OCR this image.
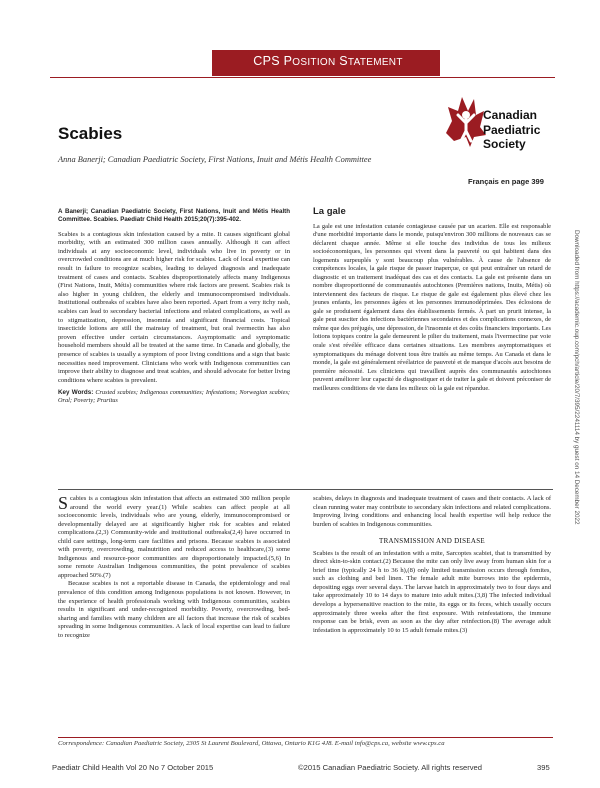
CPS POSITION STATEMENT
Canadian
Paediatric
Society
Français en page 399
Scabies
Anna Banerji; Canadian Paediatric Society, First Nations, Inuit and Métis Health Committee
A Banerji; Canadian Paediatric Society, First Nations, Inuit and Métis Health Committee. Scabies. Paediatr Child Health 2015;20(7):395-402.

Scabies is a contagious skin infestation caused by a mite. It causes significant global morbidity, with an estimated 300 million cases annually. Although it can affect individuals at any socioeconomic level, individuals who live in poverty or in overcrowded conditions are at much higher risk for scabies. Lack of local expertise can result in failure to recognize scabies, leading to delayed diagnosis and inadequate treatment of cases and contacts. Scabies disproportionately affects many Indigenous (First Nations, Inuit, Métis) communities where risk factors are present. Scabies risk is also higher in young children, the elderly and immunocompromised individuals. Institutional outbreaks of scabies have also been reported. Apart from a very itchy rash, scabies can lead to secondary bacterial infections and related complications, as well as to stigmatization, depression, insomnia and significant financial costs. Topical insecticide lotions are still the mainstay of treatment, but oral ivermectin has also proven effective under certain circumstances. Asymptomatic and symptomatic household members should all be treated at the same time. In Canada and globally, the presence of scabies is usually a symptom of poor living conditions and a sign that basic necessities need improvement. Clinicians who work with Indigenous communities can improve their ability to diagnose and treat scabies, and should advocate for better living conditions where scabies is prevalent.

Key Words: Crusted scabies; Indigenous communities; Infestations; Norwegian scabies; Oral; Poverty; Pruritus
La gale

La gale est une infestation cutanée contagieuse causée par un acarien. Elle est responsable d'une morbidité importante dans le monde, puisqu'environ 300 millions de nouveaux cas se déclarent chaque année. Même si elle touche des individus de tous les milieux socioéconomiques, les personnes qui vivent dans la pauvreté ou qui habitent dans des logements surpeuplés y sont beaucoup plus vulnérables. À cause de l'absence de compétences locales, la gale risque de passer inaperçue, ce qui peut entraîner un retard de diagnostic et un traitement inadéquat des cas et des contacts. La gale est présente dans un nombre disproportionné de communautés autochtones (Premières nations, Inuits, Métis) où interviennent des facteurs de risque. Le risque de gale est également plus élevé chez les jeunes enfants, les personnes âgées et les personnes immunodéprimées. Des éclosions de gale se produisent également dans des établissements fermés. À part un prurit intense, la gale peut susciter des infections bactériennes secondaires et des complications connexes, de même que des préjugés, une dépression, de l'insomnie et des coûts financiers importants. Les lotions topiques contre la gale demeurent le pilier du traitement, mais l'ivermectine par voie orale s'est révélée efficace dans certaines situations. Les membres asymptomatiques et symptomatiques du ménage doivent tous être traités au même temps. Au Canada et dans le monde, la gale est généralement révélatrice de pauvreté et de manque d'accès aux besoins de première nécessité. Les cliniciens qui travaillent auprès des communautés autochtones peuvent améliorer leur capacité de diagnostiquer et de traiter la gale et doivent préconiser de meilleures conditions de vie dans les milieux où la gale est répandue.

Scabies is a contagious skin infestation that affects an estimated 300 million people around the world every year.(1) While scabies can affect people at all socioeconomic levels, individuals who are young, elderly, immunocompromised or developmentally delayed are at significantly higher risk for scabies and related complications.(2,3) Community-wide and institutional outbreaks(2,4) have occurred in child care settings, long-term care facilities and prisons. Because scabies is associated with poverty, overcrowding, malnutrition and reduced access to healthcare,(3) some Indigenous and resource-poor communities are disproportionately impacted.(5,6) In some remote Australian Indigenous communities, the point prevalence of scabies approached 50%.(7)

Because scabies is not a reportable disease in Canada, the epidemiology and real prevalence of this condition among Indigenous populations is not known. However, in the experience of health professionals working with Indigenous communities, scabies results in significant and under-recognized morbidity. Poverty, overcrowding, bed-sharing and families with many children are all factors that increase the risk of scabies spreading in some Indigenous communities. A lack of local expertise can lead to failure to recognize

scabies, delays in diagnosis and inadequate treatment of cases and their contacts. A lack of clean running water may contribute to secondary skin infections and related complications. Improving living conditions and enhancing local health expertise will help reduce the burden of scabies in Indigenous communities.

TRANSMISSION AND DISEASE

Scabies is the result of an infestation with a mite, Sarcoptes scabiei, that is transmitted by direct skin-to-skin contact.(2) Because the mite can only live away from human skin for a brief time (typically 24 h to 36 h),(8) only limited transmission occurs through fomites, such as clothing and bed linen. The female adult mite burrows into the epidermis, depositing eggs over several days. The larvae hatch in approximately two to four days and take approximately 10 to 14 days to mature into adult mites.(3,8) The infected individual develops a hypersensitive reaction to the mite, its eggs or its feces, which usually occurs approximately three weeks after the first exposure. With reinfestations, the immune response can be brisk, even as soon as the day after reinfection.(8) The average adult infestation is approximately 10 to 15 adult female mites.(3)

Correspondence: Canadian Paediatric Society, 2305 St Laurent Boulevard, Ottawa, Ontario K1G 4J8. E-mail info@cps.ca, website www.cps.ca
Paediatr Child Health Vol 20 No 7 October 2015	©2015 Canadian Paediatric Society. All rights reserved	395
Downloaded from https://academic.oup.com/pch/article/20/7/395/2241114 by guest on 14 December 2022
